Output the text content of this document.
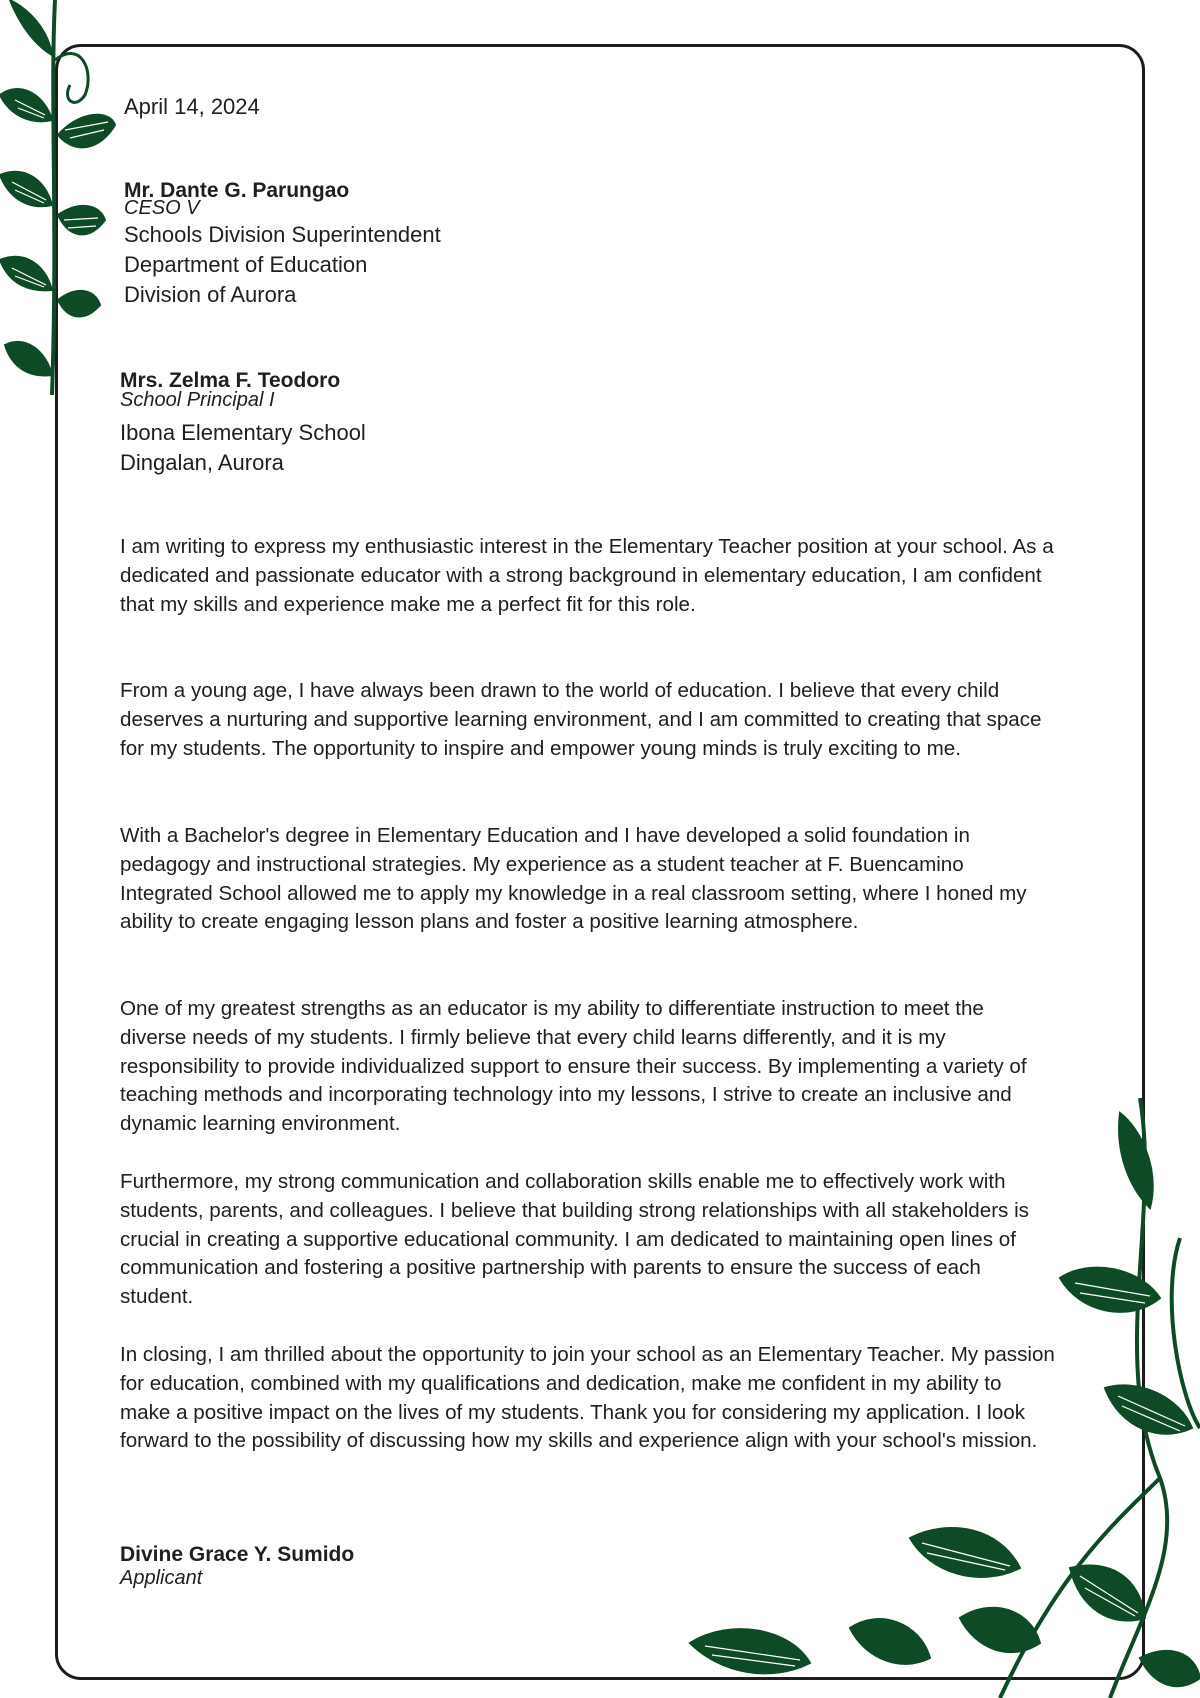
April 14, 2024

Mr. Dante G. Parungao

CESO V

Schools Division Superintendent

Department of Education

Division of Aurora

Mrs. Zelma F. Teodoro

School Principal I

Ibona Elementary School

Dingalan, Aurora

I am writing to express my enthusiastic interest in the Elementary Teacher position at your school. As a dedicated and passionate educator with a strong background in elementary education, I am confident that my skills and experience make me a perfect fit for this role.

From a young age, I have always been drawn to the world of education. I believe that every child deserves a nurturing and supportive learning environment, and I am committed to creating that space for my students. The opportunity to inspire and empower young minds is truly exciting to me.

With a Bachelor's degree in Elementary Education and I have developed a solid foundation in pedagogy and instructional strategies. My experience as a student teacher at F. Buencamino Integrated School allowed me to apply my knowledge in a real classroom setting, where I honed my ability to create engaging lesson plans and foster a positive learning atmosphere.

One of my greatest strengths as an educator is my ability to differentiate instruction to meet the diverse needs of my students. I firmly believe that every child learns differently, and it is my responsibility to provide individualized support to ensure their success. By implementing a variety of teaching methods and incorporating technology into my lessons, I strive to create an inclusive and dynamic learning environment.

Furthermore, my strong communication and collaboration skills enable me to effectively work with students, parents, and colleagues. I believe that building strong relationships with all stakeholders is crucial in creating a supportive educational community. I am dedicated to maintaining open lines of communication and fostering a positive partnership with parents to ensure the success of each student.

In closing, I am thrilled about the opportunity to join your school as an Elementary Teacher. My passion for education, combined with my qualifications and dedication, make me confident in my ability to make a positive impact on the lives of my students. Thank you for considering my application. I look forward to the possibility of discussing how my skills and experience align with your school's mission.

Divine Grace Y. Sumido

Applicant
